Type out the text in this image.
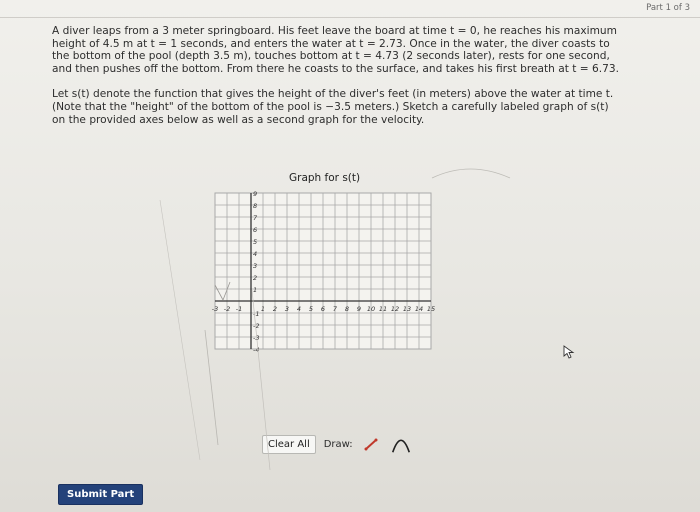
Part 1 of 3
A diver leaps from a 3 meter springboard. His feet leave the board at time t = 0, he reaches his maximum height of 4.5 m at t = 1 seconds, and enters the water at t = 2.73. Once in the water, the diver coasts to the bottom of the pool (depth 3.5 m), touches bottom at t = 4.73 (2 seconds later), rests for one second, and then pushes off the bottom. From there he coasts to the surface, and takes his first breath at t = 6.73.
Let s(t) denote the function that gives the height of the diver's feet (in meters) above the water at time t. (Note that the "height" of the bottom of the pool is −3.5 meters.) Sketch a carefully labeled graph of s(t) on the provided axes below as well as a second graph for the velocity.
Graph for s(t)
-3 -2 -1	1 2 3 4 5 6 7 8 9 10 11 12 13 14 15
9
8
7
6
5
4
3
2
1
-1
-2
-3
-4
Clear All	Draw:
Submit Part
